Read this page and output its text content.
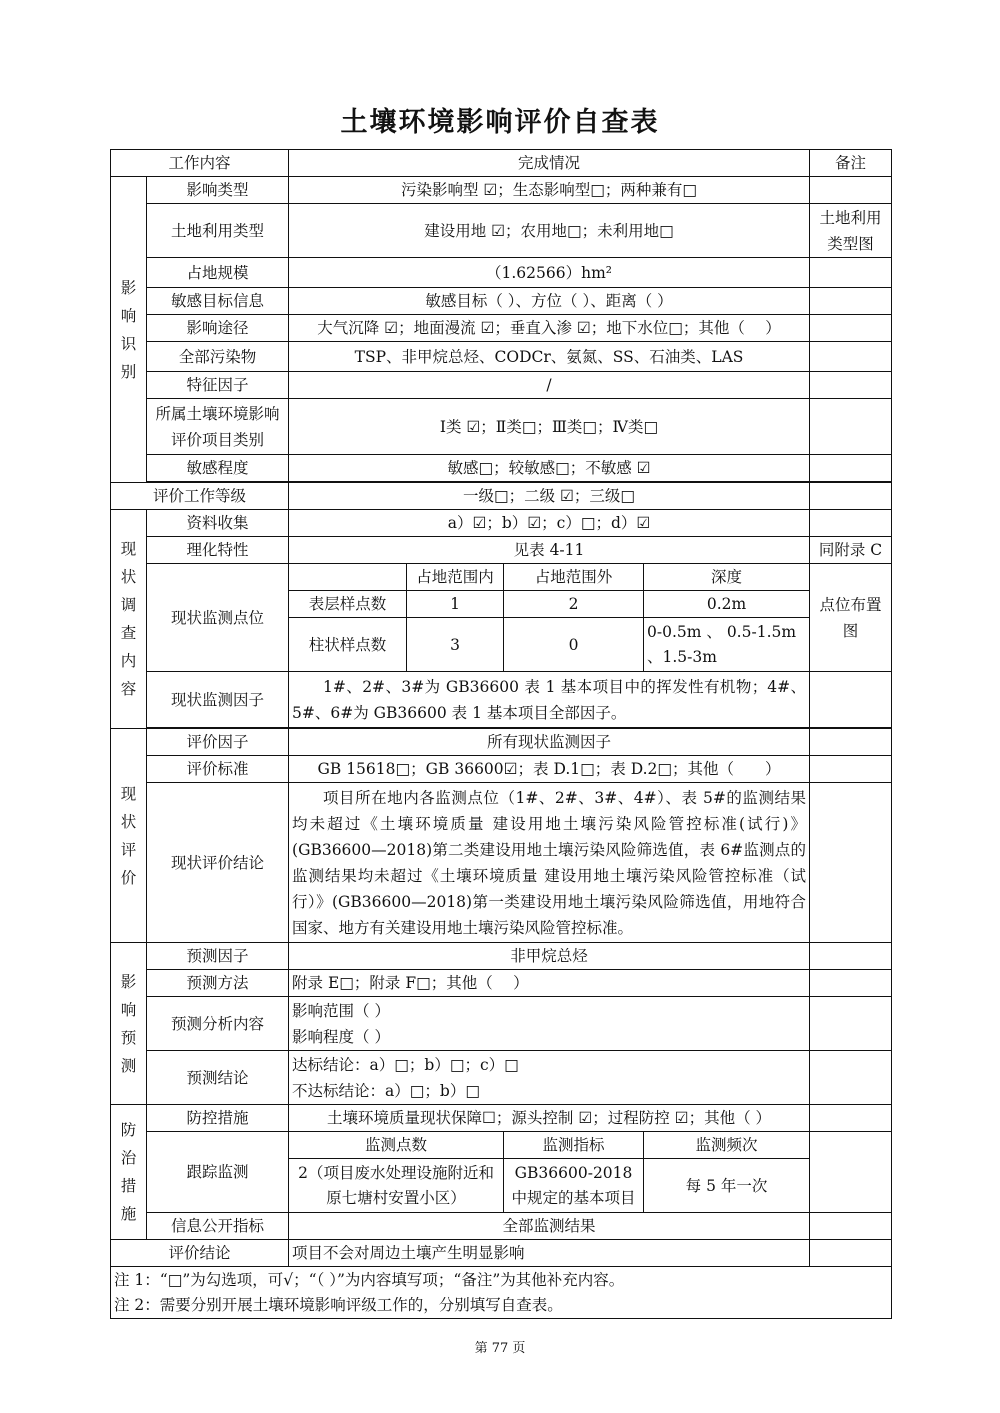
土壤环境影响评价自查表
工作内容		完成情况				备注

影响识别	影响类型	污染影响型 ☑；生态影响型□；两种兼有□				
	土地利用类型	建设用地 ☑；农用地□；未利用地□				土地利用类型图
	占地规模	（1.62566）hm²				
	敏感目标信息	敏感目标（ ）、方位（ ）、距离（ ）				
	影响途径	大气沉降 ☑；地面漫流 ☑；垂直入渗 ☑；地下水位□；其他（　 ）				
	全部污染物	TSP、非甲烷总烃、CODCr、氨氮、SS、石油类、LAS				
	特征因子	/				
	所属土壤环境影响评价项目类别	Ⅰ类 ☑；Ⅱ类□；Ⅲ类□；Ⅳ类□				
	敏感程度	敏感□；较敏感□；不敏感 ☑				

评价工作等级		一级□；二级 ☑；三级□				

现状调查内容	资料收集	a）☑；b）☑；c）□；d）☑				
	理化特性	见表 4-11				同附录 C
	现状监测点位		占地范围内	占地范围外	深度	点位布置图
		表层样点数	1	2	0.2m	
		柱状样点数	3	0	0-0.5m 、 0.5-1.5m 、1.5-3m	
	现状监测因子	1#、2#、3#为 GB36600 表 1 基本项目中的挥发性有机物；4#、5#、6#为 GB36600 表 1 基本项目全部因子。				

现状评价	评价因子	所有现状监测因子				
	评价标准	GB 15618□；GB 36600☑；表 D.1□；表 D.2□；其他（　　）				
	现状评价结论	项目所在地内各监测点位（1#、2#、3#、4#）、表 5#的监测结果均未超过《土壤环境质量 建设用地土壤污染风险管控标准(试行)》(GB36600—2018)第二类建设用地土壤污染风险筛选值，表 6#监测点的监测结果均未超过《土壤环境质量 建设用地土壤污染风险管控标准（试行）》(GB36600—2018)第一类建设用地土壤污染风险筛选值，用地符合国家、地方有关建设用地土壤污染风险管控标准。				

影响预测	预测因子	非甲烷总烃				
	预测方法	附录 E□；附录 F□；其他（　 ）				
	预测分析内容	影响范围（ ）
影响程度（ ）				

	预测结论	达标结论：a）□；b）□；c）□
不达标结论：a）□；b）□				

防治措施	防控措施	土壤环境质量现状保障☐；源头控制 ☑；过程防控 ☑；其他（ ）				
	跟踪监测	监测点数		监测指标	监测频次	
		2（项目废水处理设施附近和原七塘村安置小区）		GB36600-2018 中规定的基本项目	每 5 年一次	
	信息公开指标	全部监测结果				
评价结论		项目不会对周边土壤产生明显影响				

注 1：“□”为勾选项，可√；“（ ）”为内容填写项；“备注”为其他补充内容。
注 2：需要分别开展土壤环境影响评级工作的，分别填写自查表。						
第 77 页
